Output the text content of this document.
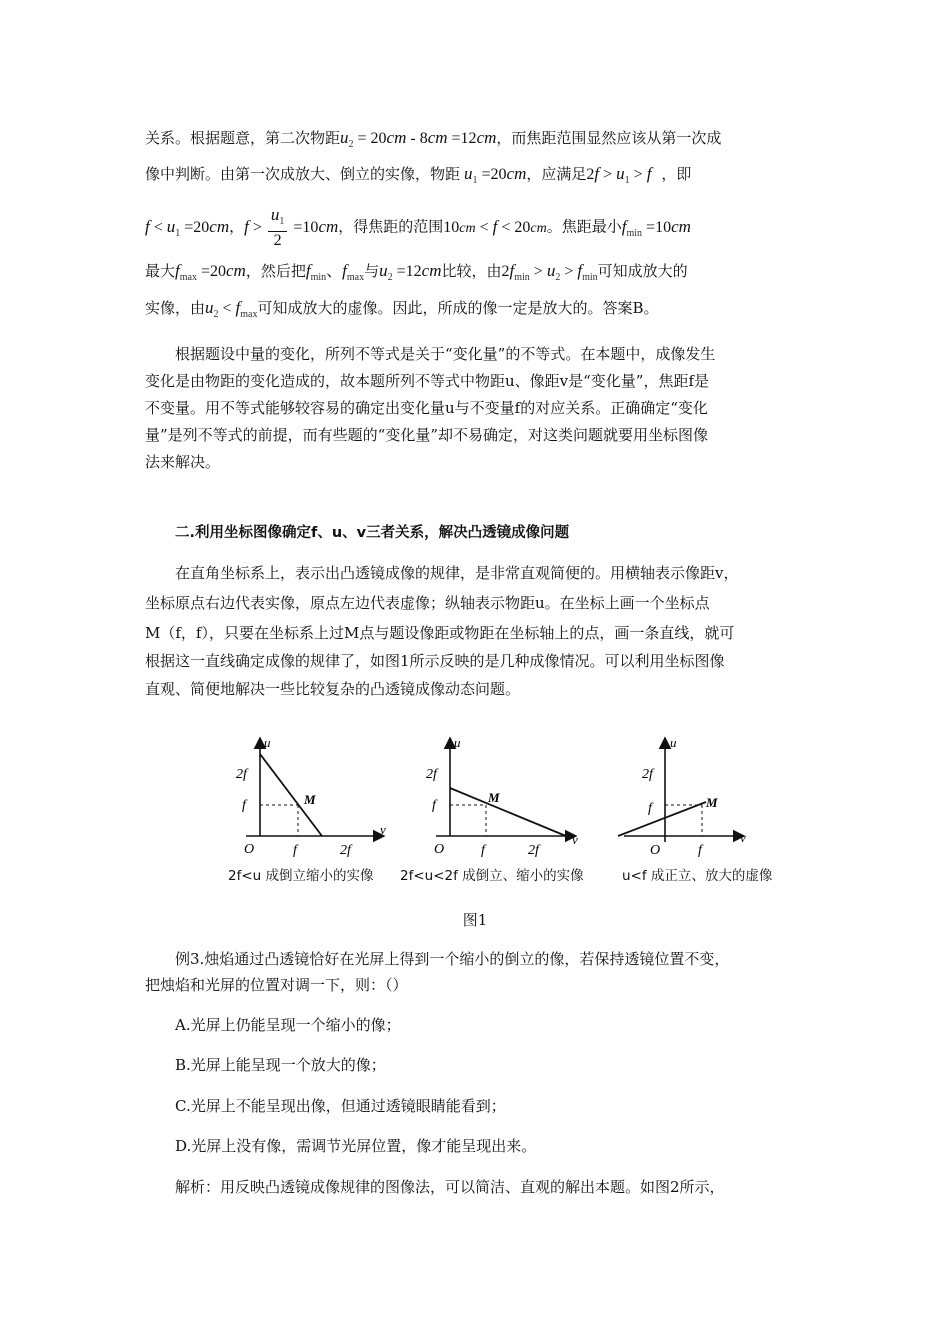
关系。根据题意，第二次物距$u_2 = 20cm - 8cm =12cm$，而焦距范围显然应该从第一次成
像中判断。由第一次成放大、倒立的实像，物距 $u_1 =20cm$，应满足$2f > u_1 > f$ ，即
$f < u_1 =20cm$，$f > \frac{u_1}{2} =10cm$，得焦距的范围10cm < f < 20cm。焦距最小$f_{min} =10cm$
最大$f_{max} =20cm$，然后把$f_{min}$、$f_{max}$与$u_2 =12cm$比较，由$2f_{min} > u_2 > f_{min}$可知成放大的
实像，由$u_2 < f_{max}$可知成放大的虚像。因此，所成的像一定是放大的。答案B。
根据题设中量的变化，所列不等式是关于“变化量”的不等式。在本题中，成像发生
变化是由物距的变化造成的，故本题所列不等式中物距u、像距v是“变化量”，焦距f是
不变量。用不等式能够较容易的确定出变化量u与不变量f的对应关系。正确确定“变化
量”是列不等式的前提，而有些题的“变化量”却不易确定，对这类问题就要用坐标图像
法来解决。
二.利用坐标图像确定f、u、v三者关系，解决凸透镜成像问题
在直角坐标系上，表示出凸透镜成像的规律，是非常直观简便的。用横轴表示像距v，
坐标原点右边代表实像，原点左边代表虚像；纵轴表示物距u。在坐标上画一个坐标点
M（f，f），只要在坐标系上过M点与题设像距或物距在坐标轴上的点，画一条直线，就可
根据这一直线确定成像的规律了，如图1所示反映的是几种成像情况。可以利用坐标图像
直观、简便地解决一些比较复杂的凸透镜成像动态问题。
u
v
2f
f
O	f	2f
M
2f<u 成倒立缩小的实像
u
v
2f
f
O	f	2f
M
2f<u<2f 成倒立、缩小的实像
u
v
2f
f
O	f
M
u<f 成正立、放大的虚像
图1
例3.烛焰通过凸透镜恰好在光屏上得到一个缩小的倒立的像，若保持透镜位置不变，
把烛焰和光屏的位置对调一下，则：（）
A.光屏上仍能呈现一个缩小的像；
B.光屏上能呈现一个放大的像；
C.光屏上不能呈现出像，但通过透镜眼睛能看到；
D.光屏上没有像，需调节光屏位置，像才能呈现出来。
解析：用反映凸透镜成像规律的图像法，可以简洁、直观的解出本题。如图2所示，
